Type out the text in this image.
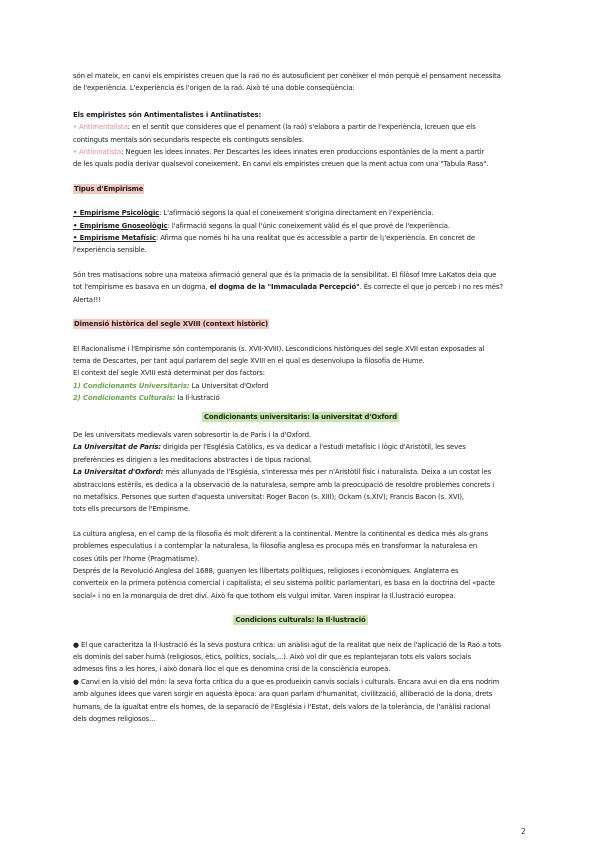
són el mateix, en canvi els empiristes creuen que la raó no és autosuficient per conèixer el món perquè el pensament necessita

de l'experiència. L'experiència és l'origen de la raó. Això té una doble conseqüència:

Els empiristes són Antimentalistes i Antiinatistes:

• Antimentalista: en el sentit que consideres que el penament (la raó) s'elabora a partir de l'experiència, icreuen que els

continguts mentals són secundaris respecte els continguts sensibles.

• Antiinnatista: Neguen les idees innates. Per Descartes les idees innates eren produccions espontànies de la ment a partir

de les quals podia derivar qualsevol coneixement. En canvi els empiristes creuen que la ment actua com una "Tabula Rasa".

Tipus d'Empirisme

• Empirisme Psicològic: L'afirmació segons la qual el coneixement s'origina directament en l'experiència.

• Empirisme Gnoseològic: l'afirmació segons la qual l'únic coneixement vàlid és el que prové de l'experiència.

• Empirisme Metafísic: Afirma que només hi ha una realitat que és accessible a partir de l¡'experiència. En concret de

l'experiència sensible.

Són tres matisacions sobre una mateixa afirmació general que és la primacia de la sensibilitat. El filòsof Imre LaKatos deia que

tot l'empirisme es basava en un dogma, el dogma de la "Immaculada Percepció". És correcte el que jo perceb i no res més?

Alerta!!!

Dimensió històrica del segle XVIII (context històric)

El Racionalisme i l'Empirisme són contemporanis (s. XVII-XVIII). Lescondicions històriques del segle XVII estan exposades al

tema de Descartes, per tant aquí parlarem del segle XVIII en el qual es desenvolupa la filosofia de Hume.

El context del segle XVIII està determinat per dos factors:

1) Condicionants Universitaris: La Universitat d'Oxford

2) Condicionants Culturals: la Il·lustració

Condicionants universitaris: la universitat d'Oxford

De les universitats medievals varen sobresortir la de París i la d'Oxford.

La Universitat de París: dirigida per l'Església Catòlics, es va dedicar a l'estudi metafísic i lògic d'Aristòtil, les seves

preferències es dirigien a les meditacions abstractes i de tipus racional.

La Universitat d'Oxford: més allunyada de l'Església, s'interessa més per n'Aristòtil físic i naturalista. Deixa a un costat les

abstraccions estèrils, es dedica a la observació de la naturalesa, sempre amb la preocupació de resoldre problemes concrets i

no metafísics. Persones que surten d'aquesta universitat: Roger Bacon (s. XIII); Ockam (s.XIV); Francis Bacon (s. XVI),

tots ells precursors de l'Empirisme.

La cultura anglesa, en el camp de la filosofia és molt diferent a la continental. Mentre la continental es dedica més als grans

problemes especulatius i a contemplar la naturalesa, la filosofia anglesa es procupa més en transformar la naturalesa en

coses útils per l'home (Pragmatisme).

Després de la Revolució Anglesa del 1688, guanyen les llibertats polítiques, religioses i econòmiques. Anglaterra es

converteix en la primera potència comercial i capitalista; el seu sistema polític parlamentari, es basa en la doctrina del «pacte

social» i no en la monarquia de dret diví. Això fa que tothom els vulgui imitar. Varen inspirar la Il.lustració europea.

Condicions culturals: la Il·lustració

● El que caracteritza la Il·lustració és la seva postura crítica: un anàlisi agut de la realitat que neix de l'aplicació de la Raó a tots

els dominis del saber humà (religiosos, ètics, polítics, socials,...). Això vol dir que es replantejaran tots els valors socials

admesos fins a les hores, i això donarà lloc el que es denomina crisi de la consciència europea.

● Canvi en la visió del món: la seva forta crítica du a que es produeixin canvis socials i culturals. Encara avui en dia ens nodrim

amb algunes idees que varen sorgir en aquesta època: ara quan parlam d'humanitat, civilització, alliberació de la dona, drets

humans, de la igualtat entre els homes, de la separació de l'Església i l'Estat, dels valors de la tolerància, de l'anàlisi racional

dels dogmes religiosos...

2
